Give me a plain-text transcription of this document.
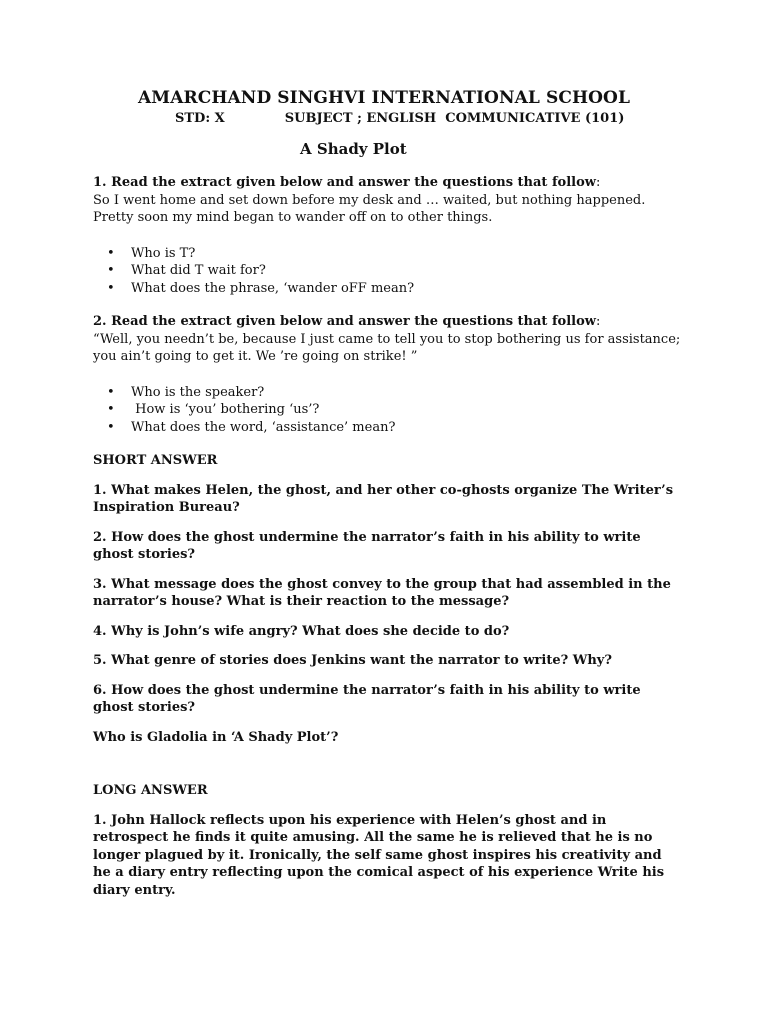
AMARCHAND SINGHVI INTERNATIONAL SCHOOL

STD: X	SUBJECT ; ENGLISH  COMMUNICATIVE (101)

A Shady Plot

1. Read the extract given below and answer the questions that follow:

So I went home and set down before my desk and … waited, but nothing happened. Pretty soon my mind began to wander off on to other things.

• Who is T?
• What did T wait for?
• What does the phrase, ‘wander oFF mean?

2. Read the extract given below and answer the questions that follow:

“Well, you needn’t be, because I just came to tell you to stop bothering us for assistance; you ain’t going to get it. We ’re going on strike! ”

• Who is the speaker?
• How is ‘you’ bothering ‘us’?
• What does the word, ‘assistance’ mean?

SHORT ANSWER

1. What makes Helen, the ghost, and her other co-ghosts organize The Writer’s Inspiration Bureau?

2. How does the ghost undermine the narrator’s faith in his ability to write ghost stories?

3. What message does the ghost convey to the group that had assembled in the narrator’s house? What is their reaction to the message?

4. Why is John’s wife angry? What does she decide to do?

5. What genre of stories does Jenkins want the narrator to write? Why?

6. How does the ghost undermine the narrator’s faith in his ability to write ghost stories?

Who is Gladolia in ‘A Shady Plot’?

LONG ANSWER

1. John Hallock reflects upon his experience with Helen’s ghost and in retrospect he finds it quite amusing. All the same he is relieved that he is no longer plagued by it. Ironically, the self same ghost inspires his creativity and he a diary entry reflecting upon the comical aspect of his experience Write his
diary entry.
